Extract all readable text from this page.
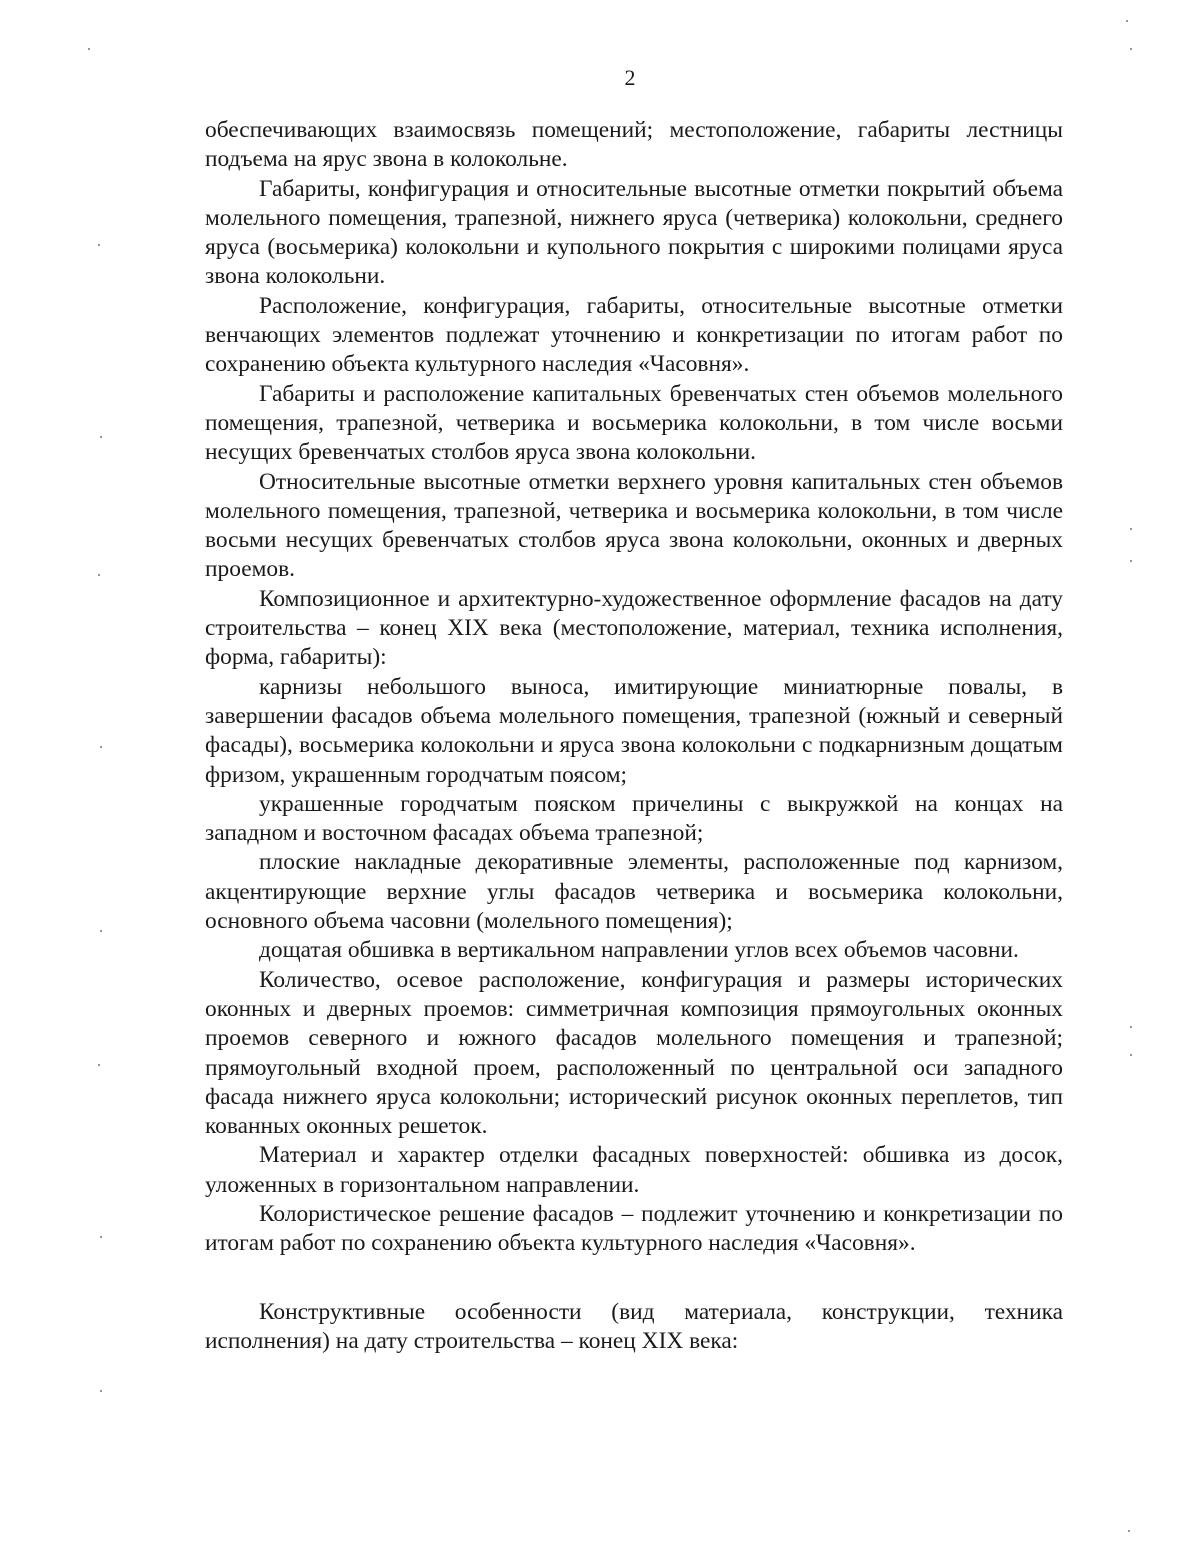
2

обеспечивающих взаимосвязь помещений; местоположение, габариты лестницы подъема на ярус звона в колокольне.

Габариты, конфигурация и относительные высотные отметки покрытий объема молельного помещения, трапезной, нижнего яруса (четверика) колокольни, среднего яруса (восьмерика) колокольни и купольного покрытия с широкими полицами яруса звона колокольни.

Расположение, конфигурация, габариты, относительные высотные отметки венчающих элементов подлежат уточнению и конкретизации по итогам работ по сохранению объекта культурного наследия «Часовня».

Габариты и расположение капитальных бревенчатых стен объемов молельного помещения, трапезной, четверика и восьмерика колокольни, в том числе восьми несущих бревенчатых столбов яруса звона колокольни.

Относительные высотные отметки верхнего уровня капитальных стен объемов молельного помещения, трапезной, четверика и восьмерика колокольни, в том числе восьми несущих бревенчатых столбов яруса звона колокольни, оконных и дверных проемов.

Композиционное и архитектурно-художественное оформление фасадов на дату строительства – конец XIX века (местоположение, материал, техника исполнения, форма, габариты):

карнизы небольшого выноса, имитирующие миниатюрные повалы, в завершении фасадов объема молельного помещения, трапезной (южный и северный фасады), восьмерика колокольни и яруса звона колокольни с подкарнизным дощатым фризом, украшенным городчатым поясом;

украшенные городчатым пояском причелины с выкружкой на концах на западном и восточном фасадах объема трапезной;

плоские накладные декоративные элементы, расположенные под карнизом, акцентирующие верхние углы фасадов четверика и восьмерика колокольни, основного объема часовни (молельного помещения);

дощатая обшивка в вертикальном направлении углов всех объемов часовни.

Количество, осевое расположение, конфигурация и размеры исторических оконных и дверных проемов: симметричная композиция прямоугольных оконных проемов северного и южного фасадов молельного помещения и трапезной; прямоугольный входной проем, расположенный по центральной оси западного фасада нижнего яруса колокольни; исторический рисунок оконных переплетов, тип кованных оконных решеток.

Материал и характер отделки фасадных поверхностей: обшивка из досок, уложенных в горизонтальном направлении.

Колористическое решение фасадов – подлежит уточнению и конкретизации по итогам работ по сохранению объекта культурного наследия «Часовня».

Конструктивные особенности (вид материала, конструкции, техника исполнения) на дату строительства – конец XIX века:
